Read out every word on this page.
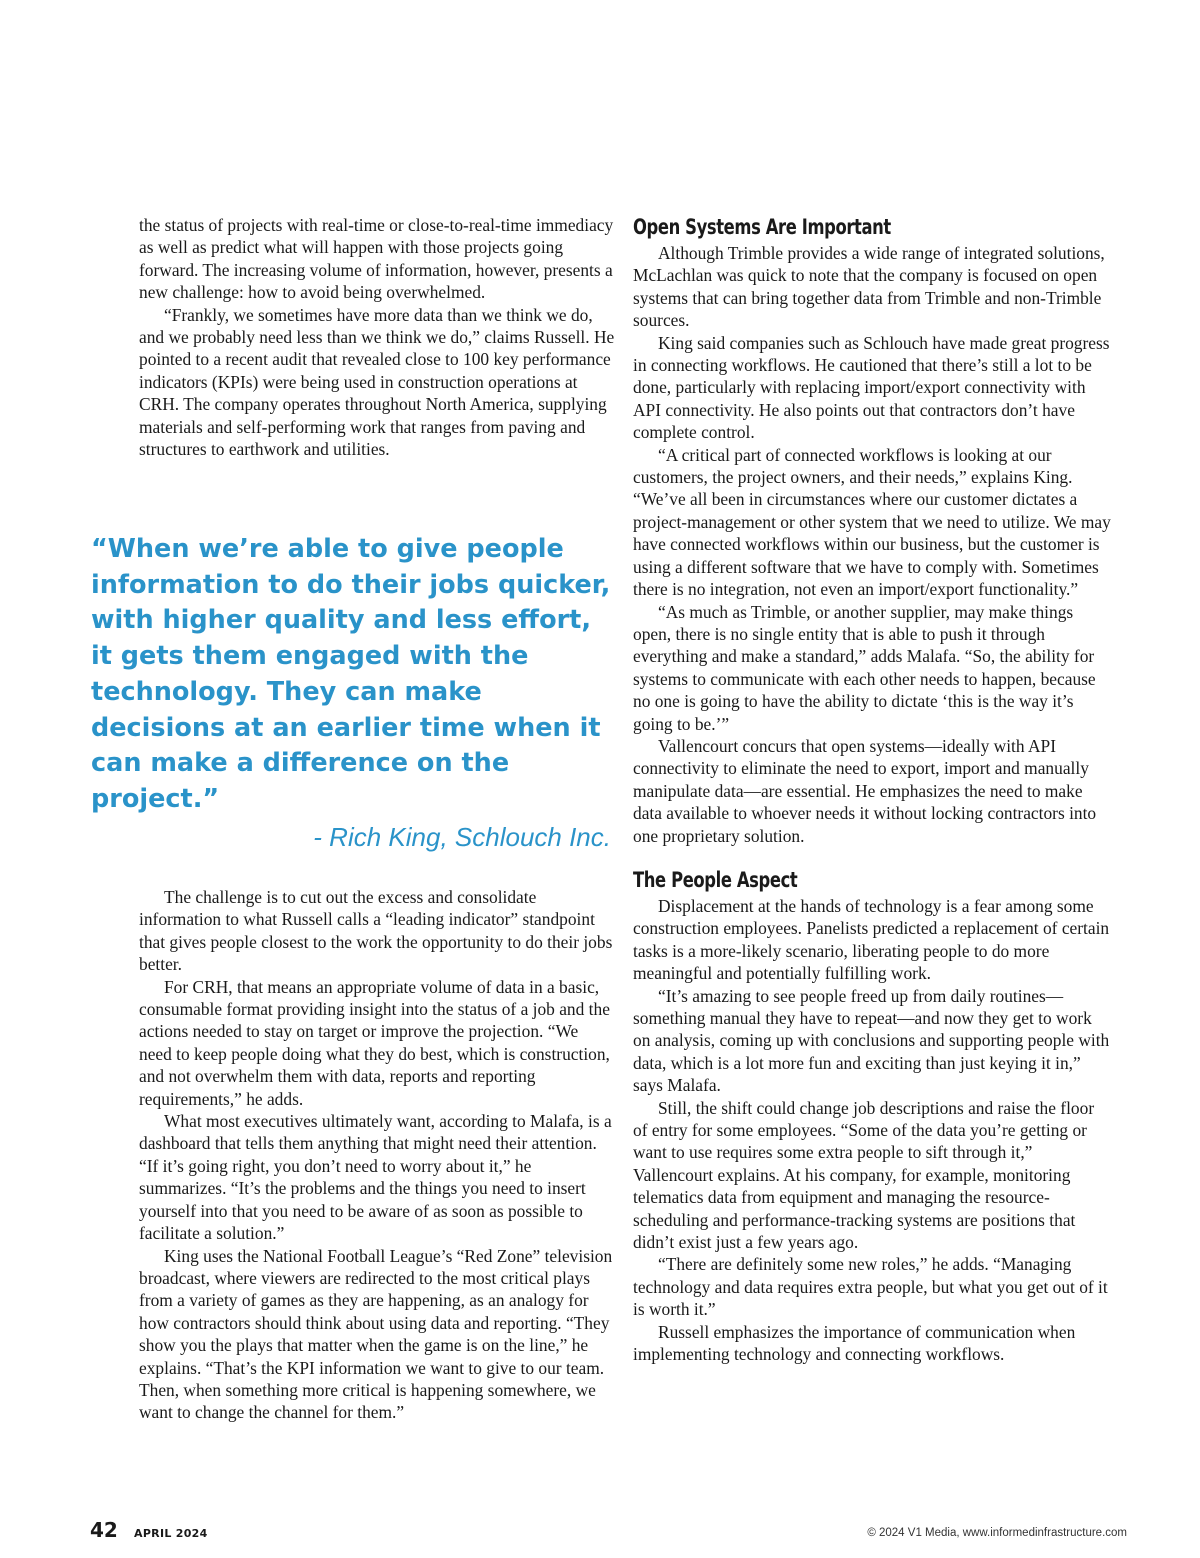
the status of projects with real-time or close-to-real-time immediacy as well as predict what will happen with those projects going forward. The increasing volume of information, however, presents a new challenge: how to avoid being overwhelmed.

“Frankly, we sometimes have more data than we think we do, and we probably need less than we think we do,” claims Russell. He pointed to a recent audit that revealed close to 100 key performance indicators (KPIs) were being used in construction operations at CRH. The company operates throughout North America, supplying materials and self-performing work that ranges from paving and structures to earthwork and utilities.

“When we’re able to give people information to do their jobs quicker, with higher quality and less effort, it gets them engaged with the technology. They can make decisions at an earlier time when it can make a difference on the project.”

- Rich King, Schlouch Inc.

The challenge is to cut out the excess and consolidate information to what Russell calls a “leading indicator” standpoint that gives people closest to the work the opportunity to do their jobs better.

For CRH, that means an appropriate volume of data in a basic, consumable format providing insight into the status of a job and the actions needed to stay on target or improve the projection. “We need to keep people doing what they do best, which is construction, and not overwhelm them with data, reports and reporting requirements,” he adds.

What most executives ultimately want, according to Malafa, is a dashboard that tells them anything that might need their attention. “If it’s going right, you don’t need to worry about it,” he summarizes. “It’s the problems and the things you need to insert yourself into that you need to be aware of as soon as possible to facilitate a solution.”

King uses the National Football League’s “Red Zone” television broadcast, where viewers are redirected to the most critical plays from a variety of games as they are happening, as an analogy for how contractors should think about using data and reporting. “They show you the plays that matter when the game is on the line,” he explains. “That’s the KPI information we want to give to our team. Then, when something more critical is happening somewhere, we want to change the channel for them.”

Open Systems Are Important

Although Trimble provides a wide range of integrated solutions, McLachlan was quick to note that the company is focused on open systems that can bring together data from Trimble and non-Trimble sources.

King said companies such as Schlouch have made great progress in connecting workflows. He cautioned that there’s still a lot to be done, particularly with replacing import/export connectivity with API connectivity. He also points out that contractors don’t have complete control.

“A critical part of connected workflows is looking at our customers, the project owners, and their needs,” explains King. “We’ve all been in circumstances where our customer dictates a project-management or other system that we need to utilize. We may have connected workflows within our business, but the customer is using a different software that we have to comply with. Sometimes there is no integration, not even an import/export functionality.”

“As much as Trimble, or another supplier, may make things open, there is no single entity that is able to push it through everything and make a standard,” adds Malafa. “So, the ability for systems to communicate with each other needs to happen, because no one is going to have the ability to dictate ‘this is the way it’s going to be.’”

Vallencourt concurs that open systems—ideally with API connectivity to eliminate the need to export, import and manually manipulate data—are essential. He emphasizes the need to make data available to whoever needs it without locking contractors into one proprietary solution.

The People Aspect

Displacement at the hands of technology is a fear among some construction employees. Panelists predicted a replacement of certain tasks is a more-likely scenario, liberating people to do more meaningful and potentially fulfilling work.

“It’s amazing to see people freed up from daily routines—something manual they have to repeat—and now they get to work on analysis, coming up with conclusions and supporting people with data, which is a lot more fun and exciting than just keying it in,” says Malafa.

Still, the shift could change job descriptions and raise the floor of entry for some employees. “Some of the data you’re getting or want to use requires some extra people to sift through it,” Vallencourt explains. At his company, for example, monitoring telematics data from equipment and managing the resource-scheduling and performance-tracking systems are positions that didn’t exist just a few years ago.

“There are definitely some new roles,” he adds. “Managing technology and data requires extra people, but what you get out of it is worth it.”

Russell emphasizes the importance of communication when implementing technology and connecting workflows.

42 APRIL 2024	© 2024 V1 Media, www.informedinfrastructure.com
